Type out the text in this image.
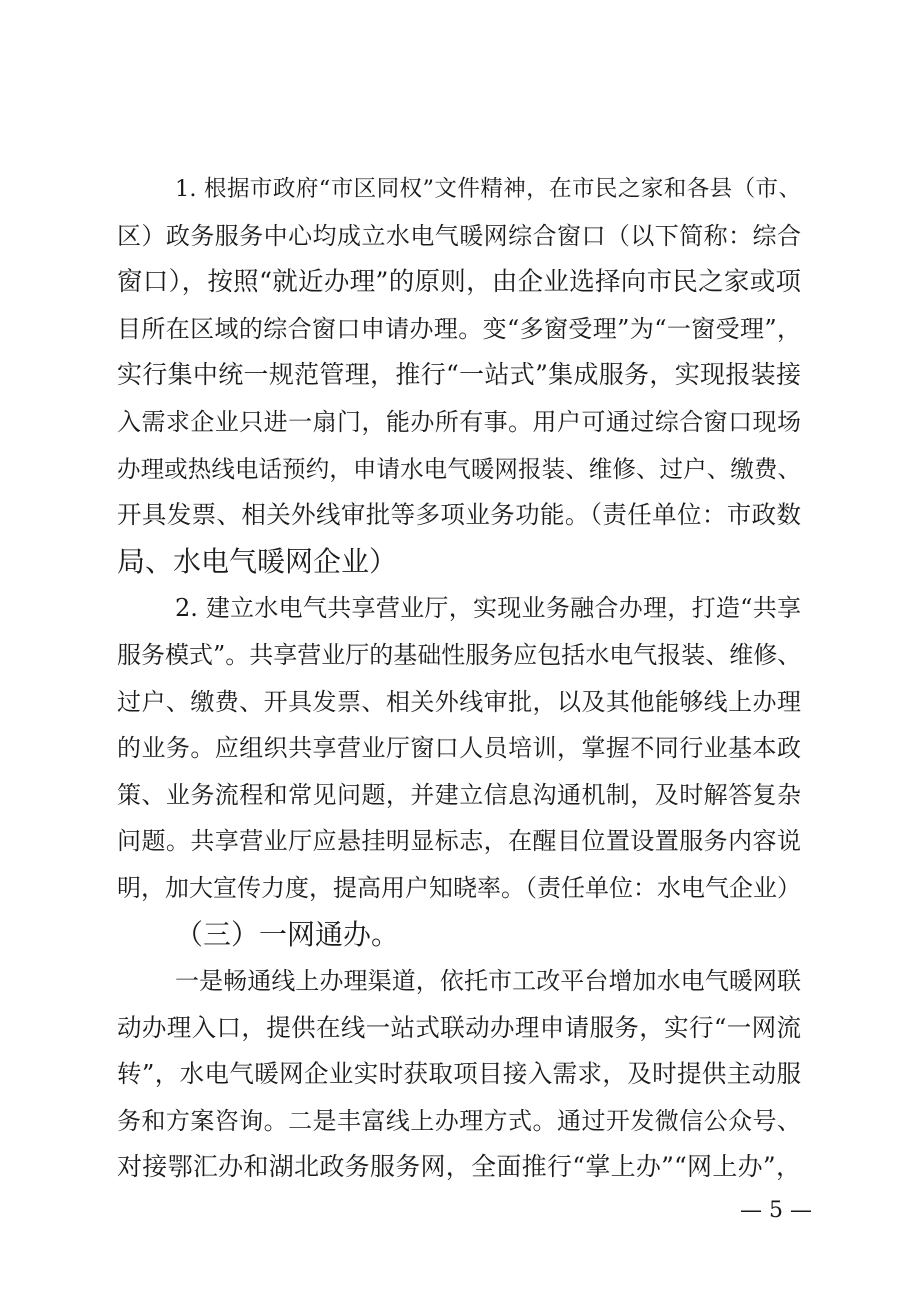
1. 根据市政府“市区同权”文件精神，在市民之家和各县（市、
区）政务服务中心均成立水电气暖网综合窗口（以下简称：综合
窗口），按照“就近办理”的原则，由企业选择向市民之家或项
目所在区域的综合窗口申请办理。变“多窗受理”为“一窗受理”，
实行集中统一规范管理，推行“一站式”集成服务，实现报装接
入需求企业只进一扇门，能办所有事。用户可通过综合窗口现场
办理或热线电话预约，申请水电气暖网报装、维修、过户、缴费、
开具发票、相关外线审批等多项业务功能。（责任单位：市政数
局、水电气暖网企业）
2. 建立水电气共享营业厅，实现业务融合办理，打造“共享
服务模式”。共享营业厅的基础性服务应包括水电气报装、维修、
过户、缴费、开具发票、相关外线审批，以及其他能够线上办理
的业务。应组织共享营业厅窗口人员培训，掌握不同行业基本政
策、业务流程和常见问题，并建立信息沟通机制，及时解答复杂
问题。共享营业厅应悬挂明显标志，在醒目位置设置服务内容说
明，加大宣传力度，提高用户知晓率。（责任单位：水电气企业）
（三）一网通办。
一是畅通线上办理渠道，依托市工改平台增加水电气暖网联
动办理入口，提供在线一站式联动办理申请服务，实行“一网流
转”，水电气暖网企业实时获取项目接入需求，及时提供主动服
务和方案咨询。二是丰富线上办理方式。通过开发微信公众号、
对接鄂汇办和湖北政务服务网，全面推行“掌上办”“网上办”，
— 5 —
